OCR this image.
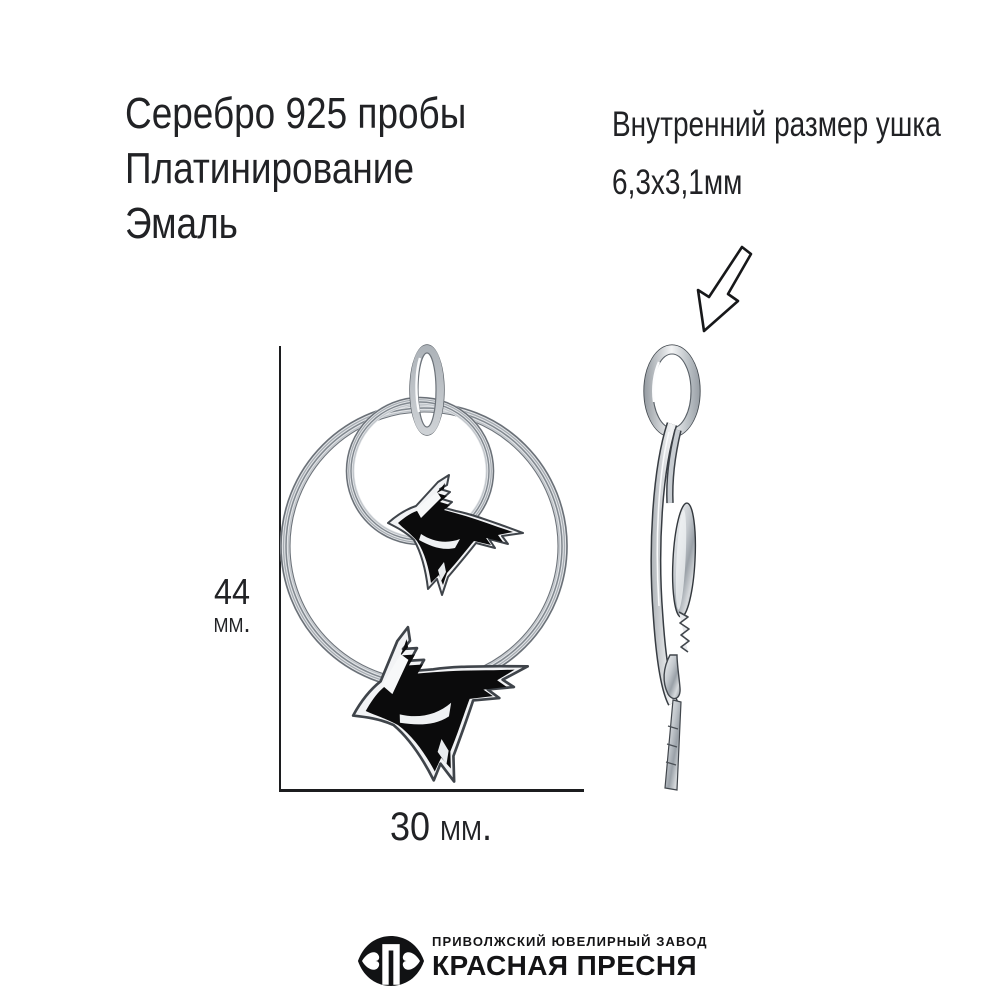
Серебро 925 пробы
Платинирование
Эмаль
Внутренний размер ушка
6,3x3,1мм
44
мм.
30 мм.
ПРИВОЛЖСКИЙ ЮВЕЛИРНЫЙ ЗАВОД
КРАСНАЯ ПРЕСНЯ
